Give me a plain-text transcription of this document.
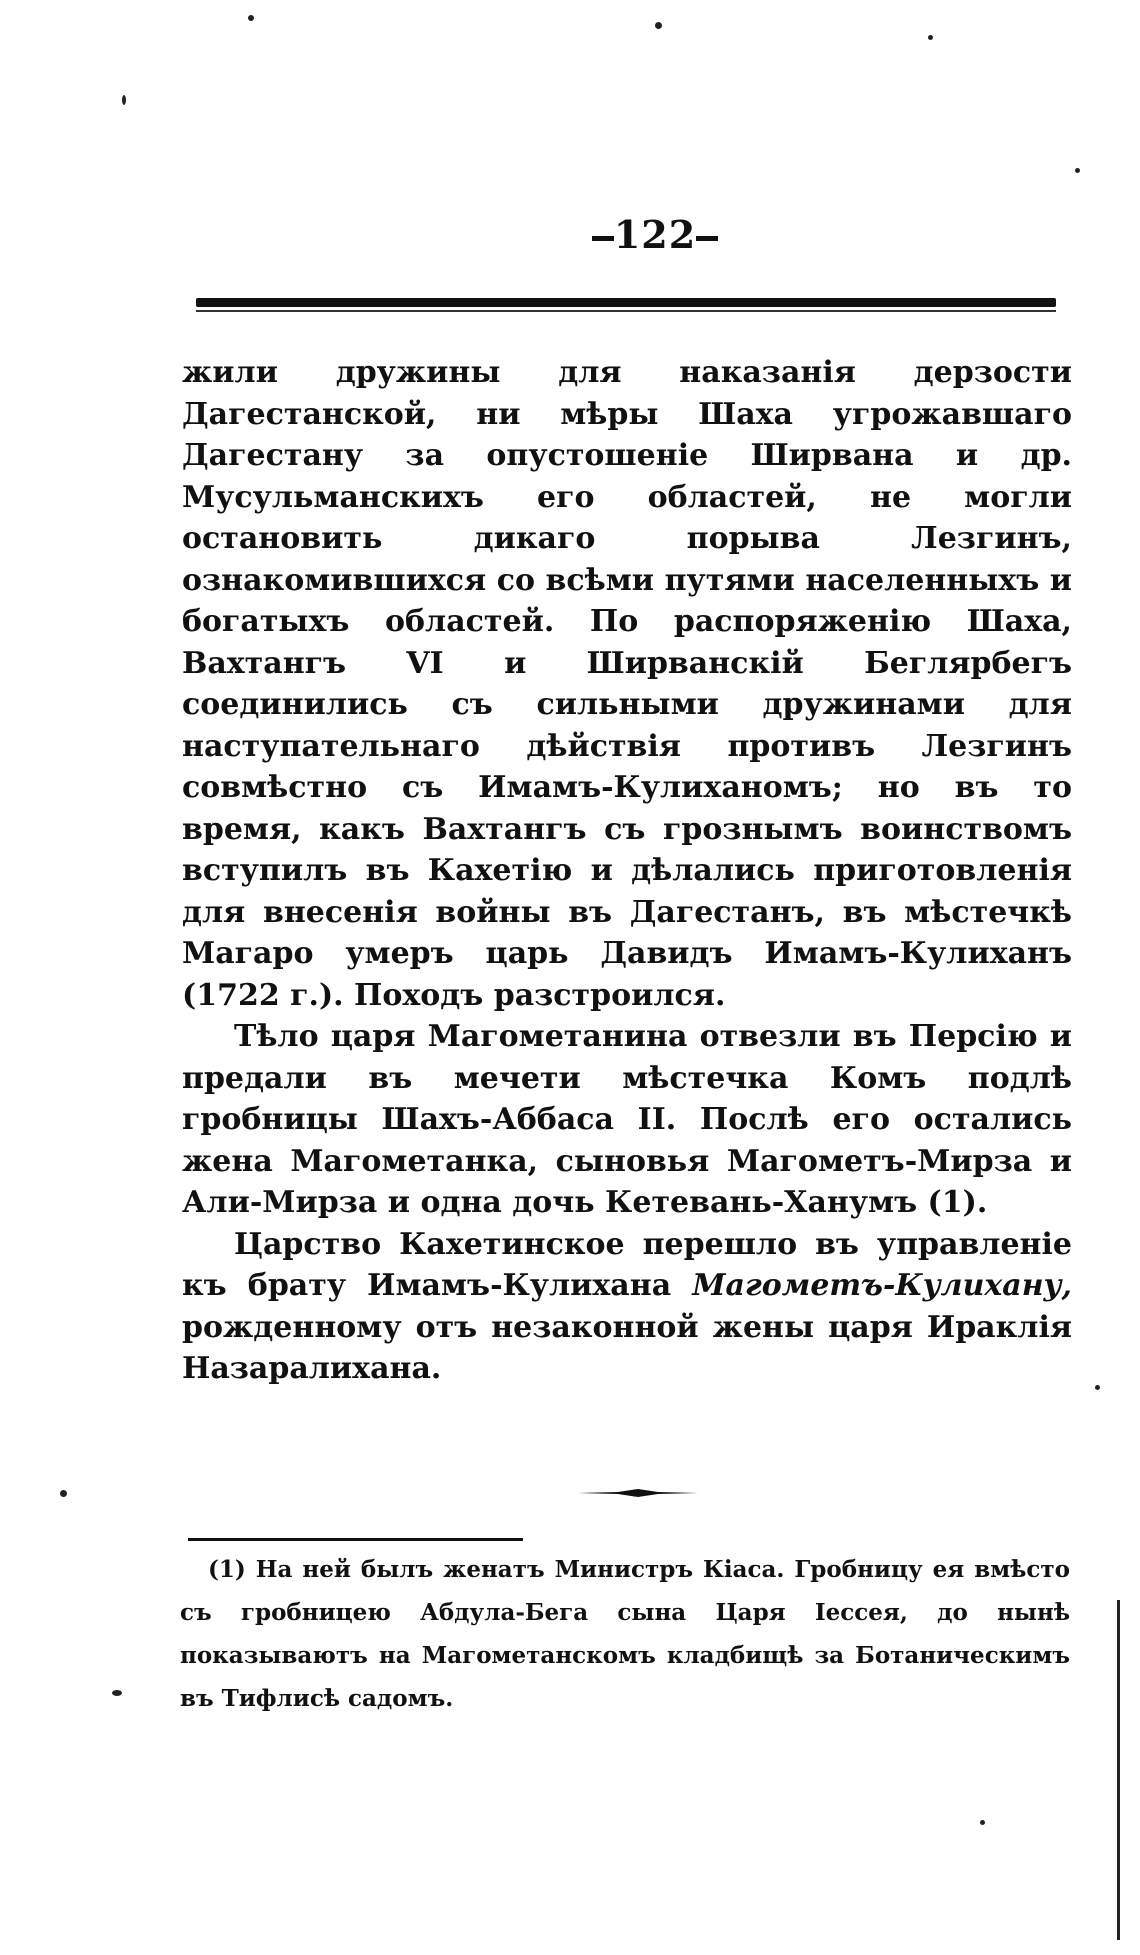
122

жили дружины для наказанія дерзости Дагестанской, ни мѣры Шаха угрожавшаго Дагестану за опустошеніе Ширвана и др. Мусульманскихъ его областей, не могли остановить дикаго порыва Лезгинъ, ознакомившихся со всѣми путями населенныхъ и богатыхъ областей. По распоряженію Шаха, Вахтангъ VI и Ширванскій Беглярбегъ соединились съ сильными дружинами для наступательнаго дѣйствія противъ Лезгинъ совмѣстно съ Имамъ-Кулиханомъ; но въ то время, какъ Вахтангъ съ грознымъ воинствомъ вступилъ въ Кахетію и дѣлались приготовленія для внесенія войны въ Дагестанъ, въ мѣстечкѣ Магаро умеръ царь Давидъ Имамъ-Кулиханъ (1722 г.). Походъ разстроился.

Тѣло царя Магометанина отвезли въ Персію и предали въ мечети мѣстечка Комъ подлѣ гробницы Шахъ-Аббаса II. Послѣ его остались жена Магометанка, сыновья Магометъ-Мирза и Али-Мирза и одна дочь Кетевань-Ханумъ (1).

Царство Кахетинское перешло въ управленіе къ брату Имамъ-Кулихана Магометъ-Кулихану, рожденному отъ незаконной жены царя Ираклія Назаралихана.

(1) На ней былъ женатъ Министръ Кіаса. Гробницу ея вмѣсто съ гробницею Абдула-Бега сына Царя Іессея, до нынѣ показываютъ на Магометанскомъ кладбищѣ за Ботаническимъ въ Тифлисѣ садомъ.
